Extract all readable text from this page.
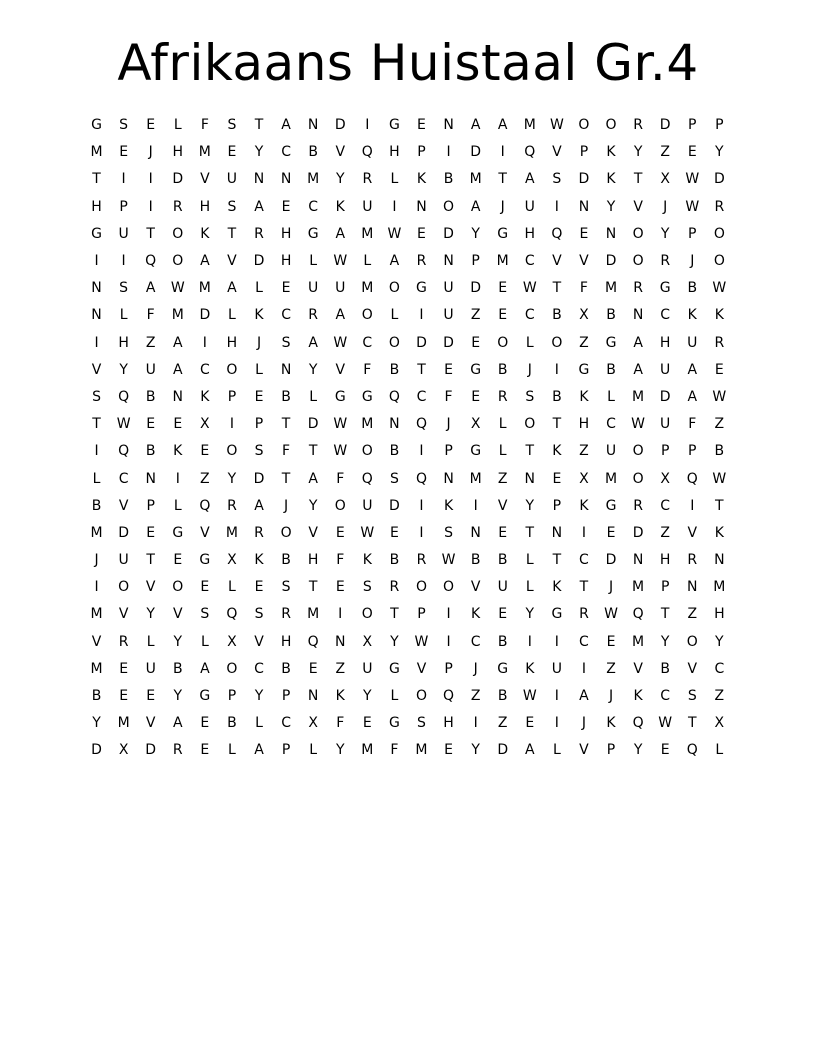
Afrikaans Huistaal Gr.4
G	S	E	L	F	S	T	A	N	D	I	G	E	N	A	A	M	W	O	O	R	D	P	P
M	E	J	H	M	E	Y	C	B	V	Q	H	P	I	D	I	Q	V	P	K	Y	Z	E	Y
T	I	I	D	V	U	N	N	M	Y	R	L	K	B	M	T	A	S	D	K	T	X	W	D
H	P	I	R	H	S	A	E	C	K	U	I	N	O	A	J	U	I	N	Y	V	J	W	R
G	U	T	O	K	T	R	H	G	A	M	W	E	D	Y	G	H	Q	E	N	O	Y	P	O
I	I	Q	O	A	V	D	H	L	W	L	A	R	N	P	M	C	V	V	D	O	R	J	O
N	S	A	W	M	A	L	E	U	U	M	O	G	U	D	E	W	T	F	M	R	G	B	W
N	L	F	M	D	L	K	C	R	A	O	L	I	U	Z	E	C	B	X	B	N	C	K	K
I	H	Z	A	I	H	J	S	A	W	C	O	D	D	E	O	L	O	Z	G	A	H	U	R
V	Y	U	A	C	O	L	N	Y	V	F	B	T	E	G	B	J	I	G	B	A	U	A	E
S	Q	B	N	K	P	E	B	L	G	G	Q	C	F	E	R	S	B	K	L	M	D	A	W
T	W	E	E	X	I	P	T	D	W	M	N	Q	J	X	L	O	T	H	C	W	U	F	Z
I	Q	B	K	E	O	S	F	T	W	O	B	I	P	G	L	T	K	Z	U	O	P	P	B
L	C	N	I	Z	Y	D	T	A	F	Q	S	Q	N	M	Z	N	E	X	M	O	X	Q	W
B	V	P	L	Q	R	A	J	Y	O	U	D	I	K	I	V	Y	P	K	G	R	C	I	T
M	D	E	G	V	M	R	O	V	E	W	E	I	S	N	E	T	N	I	E	D	Z	V	K
J	U	T	E	G	X	K	B	H	F	K	B	R	W	B	B	L	T	C	D	N	H	R	N
I	O	V	O	E	L	E	S	T	E	S	R	O	O	V	U	L	K	T	J	M	P	N	M
M	V	Y	V	S	Q	S	R	M	I	O	T	P	I	K	E	Y	G	R	W	Q	T	Z	H
V	R	L	Y	L	X	V	H	Q	N	X	Y	W	I	C	B	I	I	C	E	M	Y	O	Y
M	E	U	B	A	O	C	B	E	Z	U	G	V	P	J	G	K	U	I	Z	V	B	V	C
B	E	E	Y	G	P	Y	P	N	K	Y	L	O	Q	Z	B	W	I	A	J	K	C	S	Z
Y	M	V	A	E	B	L	C	X	F	E	G	S	H	I	Z	E	I	J	K	Q	W	T	X
D	X	D	R	E	L	A	P	L	Y	M	F	M	E	Y	D	A	L	V	P	Y	E	Q	L
